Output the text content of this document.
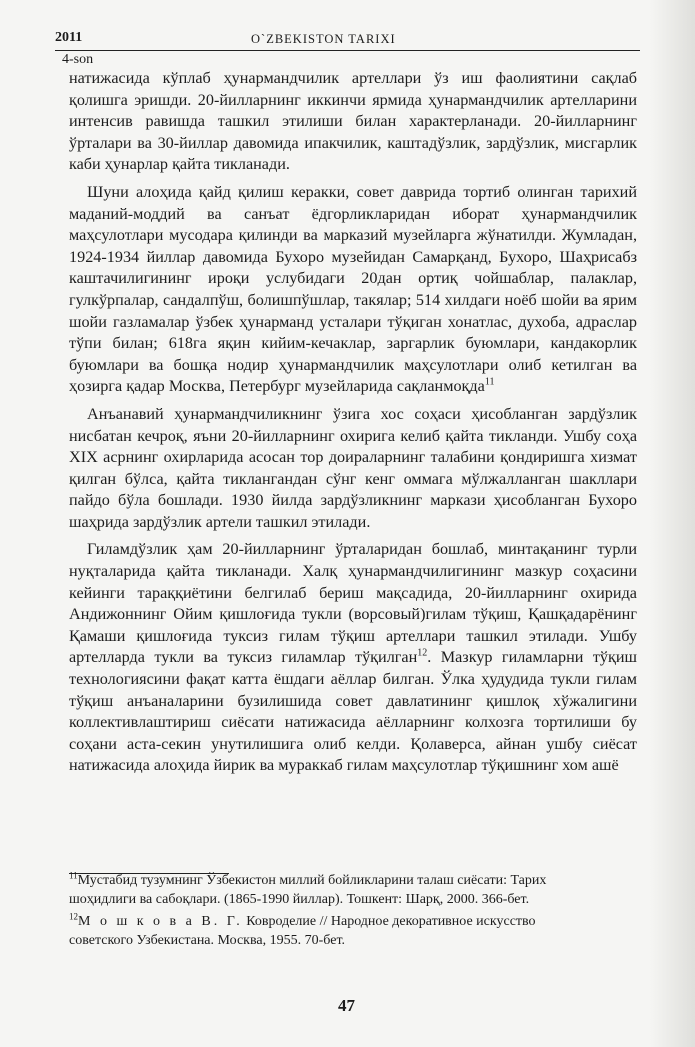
2011	O`ZBEKISTON TARIXI
4-son

натижасида кўплаб ҳунармандчилик артеллари ўз иш фаолиятини сақлаб қолишга эришди. 20-йилларнинг иккинчи ярмида ҳунармандчилик артелларини интенсив равишда ташкил этилиши билан характерланади. 20-йилларнинг ўрталари ва 30-йиллар давомида ипакчилик, каштадўзлик, зардўзлик, мисгарлик каби ҳунарлар қайта тикланади.

Шуни алоҳида қайд қилиш керакки, совет даврида тортиб олинган тарихий маданий-моддий ва санъат ёдгорликларидан иборат ҳунармандчилик маҳсулотлари мусодара қилинди ва марказий музейларга жўнатилди. Жумладан, 1924-1934 йиллар давомида Бухоро музейидан Самарқанд, Бухоро, Шаҳрисабз каштачилигининг ироқи услубидаги 20дан ортиқ чойшаблар, палаклар, гулкўрпалар, сандалпўш, болишпўшлар, такялар; 514 хилдаги ноёб шойи ва ярим шойи газламалар ўзбек ҳунарманд усталари тўқиган хонатлас, духоба, адраслар тўпи билан; 618га яқин кийим-кечаклар, заргарлик буюмлари, кандакорлик буюмлари ва бошқа нодир ҳунармандчилик маҳсулотлари олиб кетилган ва ҳозирга қадар Москва, Петербург музейларида сақланмоқда$^{11}$

Анъанавий ҳунармандчиликнинг ўзига хос соҳаси ҳисобланган зардўзлик нисбатан кечроқ, яъни 20-йилларнинг охирига келиб қайта тикланди. Ушбу соҳа XIX асрнинг охирларида асосан тор доираларнинг талабини қондиришга хизмат қилган бўлса, қайта тиклангандан сўнг кенг оммага мўлжалланган шакллари пайдо бўла бошлади. 1930 йилда зардўзликнинг маркази ҳисобланган Бухоро шаҳрида зардўзлик артели ташкил этилади.

Гиламдўзлик ҳам 20-йилларнинг ўрталаридан бошлаб, минтақанинг турли нуқталарида қайта тикланади. Халқ ҳунармандчилигининг мазкур соҳасини кейинги тараққиётини белгилаб бериш мақсадида, 20-йилларнинг охирида Андижоннинг Ойим қишлоғида тукли (ворсовый)гилам тўқиш, Қашқадарёнинг Қамаши қишлоғида туксиз гилам тўқиш артеллари ташкил этилади. Ушбу артелларда тукли ва туксиз гиламлар тўқилган$^{12}$. Мазкур гиламларни тўқиш технологиясини фақат катта ёшдаги аёллар билган. Ўлка ҳудудида тукли гилам тўқиш анъаналарини бузилишида совет давлатининг қишлоқ хўжалигини коллективлаштириш сиёсати натижасида аёлларнинг колхозга тортилиши бу соҳани аста-секин унутилишига олиб келди. Қолаверса, айнан ушбу сиёсат натижасида алоҳида йирик ва мураккаб гилам маҳсулотлар тўқишнинг хом ашё

$^{11}$Мустабид тузумнинг Ўзбекистон миллий бойликларини талаш сиёсати: Тарих шоҳидлиги ва сабоқлари. (1865-1990 йиллар). Тошкент: Шарқ, 2000. 366-бет.

$^{12}$М о ш к о в а В. Г. Ковроделие // Народное декоративное искусство советского Узбекистана. Москва, 1955. 70-бет.

47
